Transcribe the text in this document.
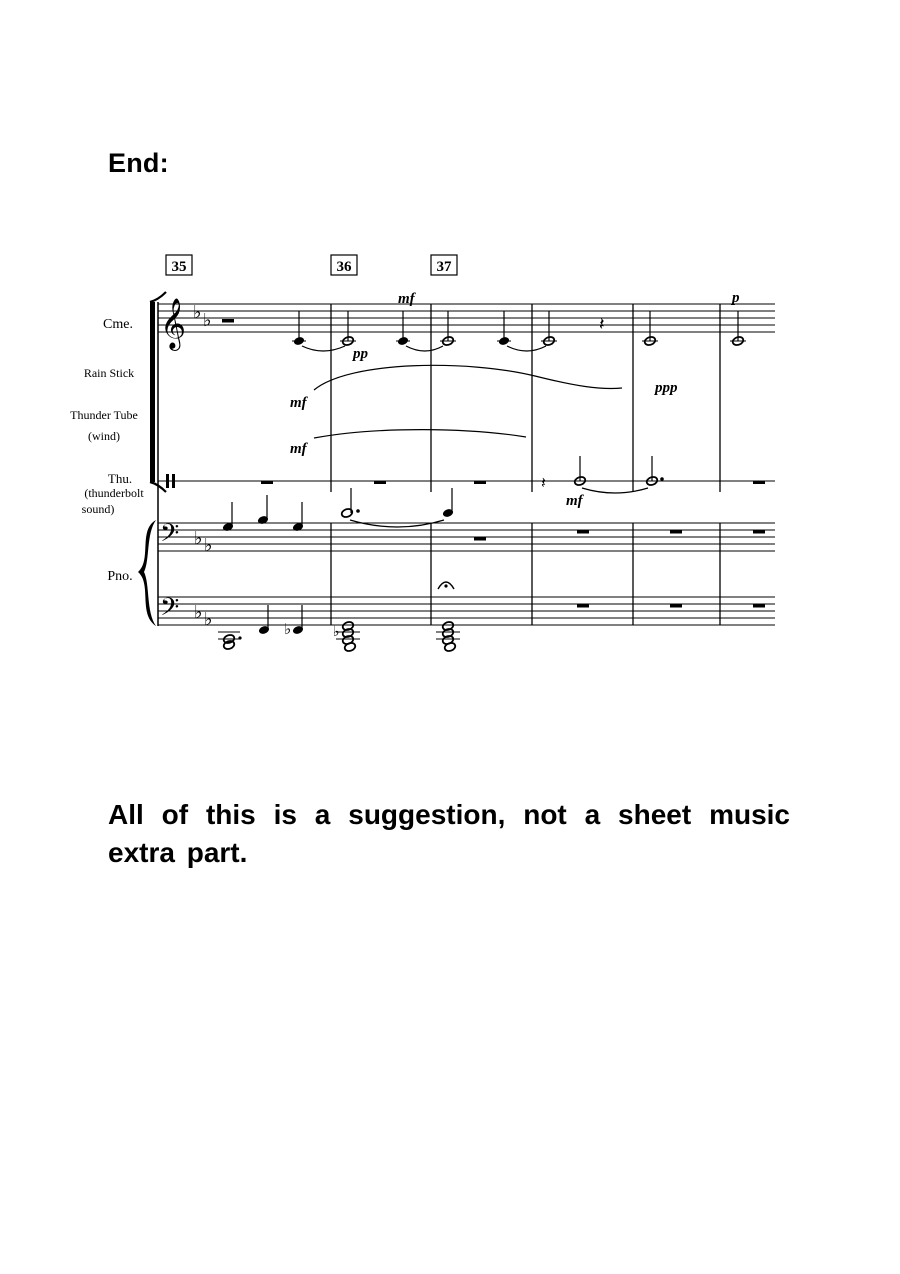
End:
35	36	37
Cme.
Rain Stick
Thunder Tube
(wind)
Thu.
(thunderbolt
sound)
Pno.
𝄞 ♭ ♭
𝄢 ♭ ♭
𝄢 ♭ ♭
𝄽
mf
pp
p
mf
ppp
mf
mf
𝄽
♭	♭
All of this is a suggestion, not a sheet music extra part.
